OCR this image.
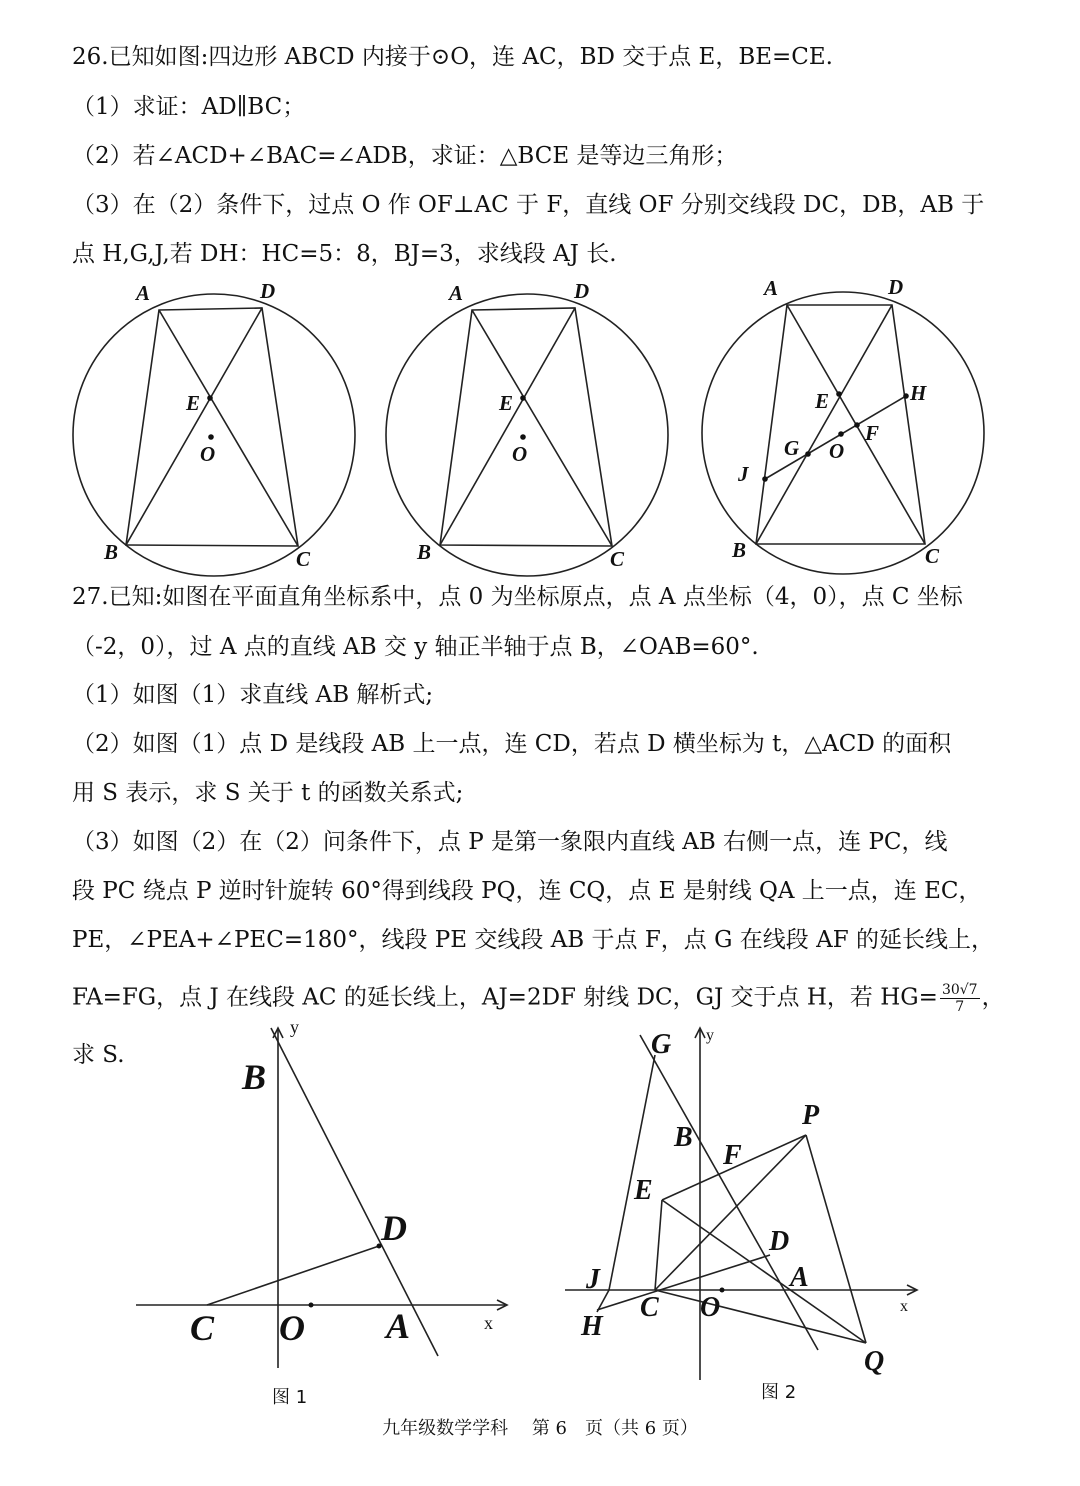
26.已知如图:四边形 ABCD 内接于⊙O，连 AC，BD 交于点 E，BE=CE.
（1）求证：AD∥BC；
（2）若∠ACD+∠BAC=∠ADB，求证：△BCE 是等边三角形；
（3）在（2）条件下，过点 O 作 OF⊥AC 于 F，直线 OF 分别交线段 DC，DB，AB 于
点 H,G,J,若 DH：HC=5：8，BJ=3，求线段 AJ 长.
27.已知:如图在平面直角坐标系中，点 0 为坐标原点，点 A 点坐标（4，0），点 C 坐标
（-2，0），过 A 点的直线 AB 交 y 轴正半轴于点 B，∠OAB=60°.
（1）如图（1）求直线 AB 解析式;
（2）如图（1）点 D 是线段 AB 上一点，连 CD，若点 D 横坐标为 t，△ACD 的面积
用 S 表示，求 S 关于 t 的函数关系式;
（3）如图（2）在（2）问条件下，点 P 是第一象限内直线 AB 右侧一点，连 PC，线
段 PC 绕点 P 逆时针旋转 60°得到线段 PQ，连 CQ，点 E 是射线 QA 上一点，连 EC，
PE，∠PEA+∠PEC=180°，线段 PE 交线段 AB 于点 F，点 G 在线段 AF 的延长线上，
FA=FG，点 J 在线段 AC 的延长线上，AJ=2DF 射线 DC，GJ 交于点 H，若 $HG= \frac{30√7}{7}$ ，
求 S.
A	D
E
O
B	C
A	D
E
O
B	C
A	D
E
O
B	C
H
F
G
J
B
D
C O A	x
y
图 1
G
B
P
F
E
D
J	A
C O
H
Q
x
y
图 2
九年级数学学科　 第 6　页（共 6 页）
